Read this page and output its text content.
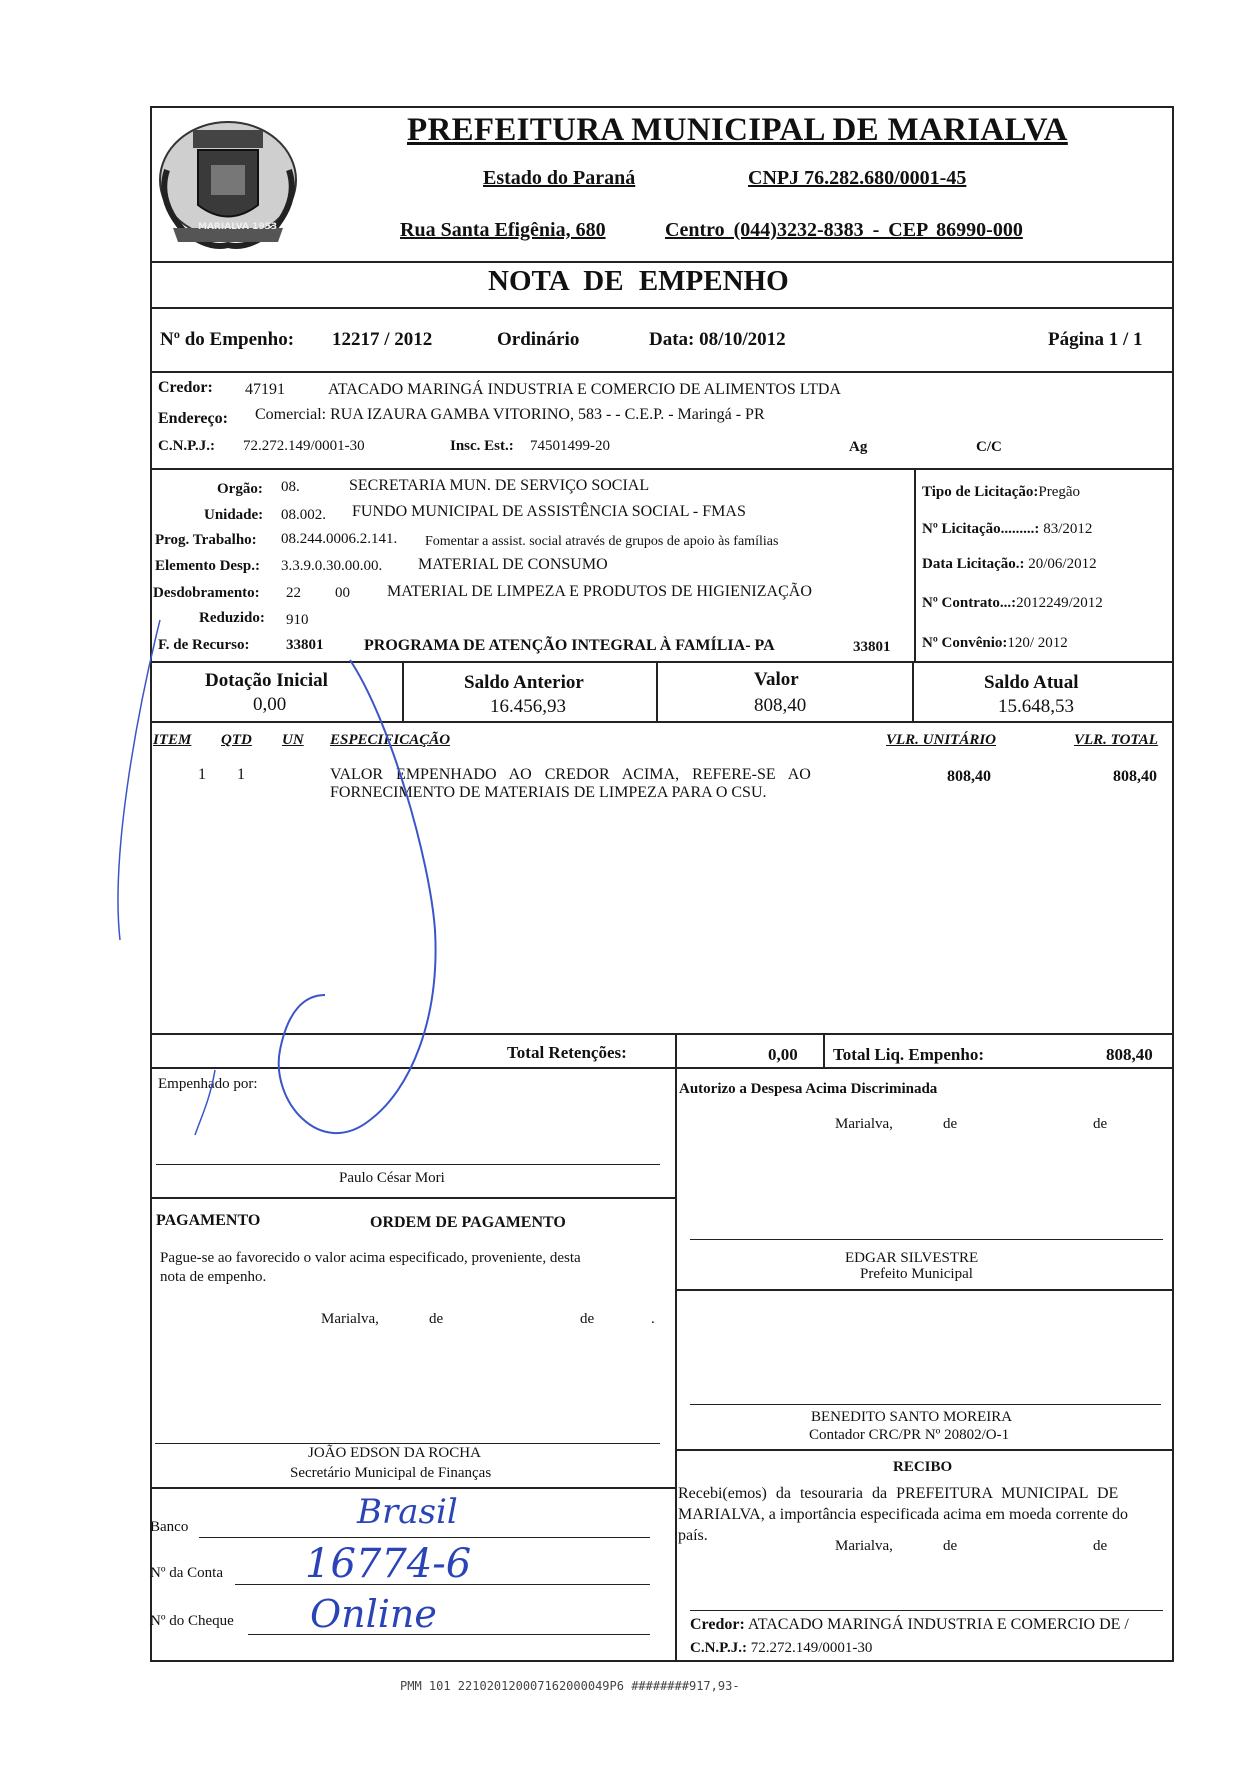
MARIALVA 1953
PREFEITURA MUNICIPAL DE MARIALVA
Estado do Paraná	CNPJ 76.282.680/0001-45
Rua Santa Efigênia, 680	Centro (044)3232-8383 - CEP 86990-000
NOTA DE EMPENHO
Nº do Empenho: 12217 / 2012	Ordinário	Data: 08/10/2012	Página 1 / 1
Credor: 47191	ATACADO MARINGÁ INDUSTRIA E COMERCIO DE ALIMENTOS LTDA
Endereço: Comercial: RUA IZAURA GAMBA VITORINO, 583 - - C.E.P. - Maringá - PR
C.N.P.J.: 72.272.149/0001-30	Insc. Est.: 74501499-20	Ag	C/C
Orgão: 08.	SECRETARIA MUN. DE SERVIÇO SOCIAL
Unidade: 08.002. FUNDO MUNICIPAL DE ASSISTÊNCIA SOCIAL - FMAS
Prog. Trabalho: 08.244.0006.2.141. Fomentar a assist. social através de grupos de apoio às famílias
Elemento Desp.: 3.3.9.0.30.00.00. MATERIAL DE CONSUMO
Desdobramento: 22 00 MATERIAL DE LIMPEZA E PRODUTOS DE HIGIENIZAÇÃO
Reduzido: 910
F. de Recurso: 33801	PROGRAMA DE ATENÇÃO INTEGRAL À FAMÍLIA- PA	33801
Tipo de Licitação:Pregão
Nº Licitação.........: 83/2012
Data Licitação.: 20/06/2012
Nº Contrato...:2012249/2012
Nº Convênio:120/ 2012
Dotação Inicial
0,00
Saldo Anterior
16.456,93
Valor
808,40
Saldo Atual
15.648,53
ITEM QTD UN ESPECIFICAÇÃO	VLR. UNITÁRIO	VLR. TOTAL
1 1	VALOR EMPENHADO AO CREDOR ACIMA, REFERE-SE AO
FORNECIMENTO DE MATERIAIS DE LIMPEZA PARA O CSU.
808,40	808,40
Total Retenções:	0,00 Total Liq. Empenho:	808,40
Empenhado por:
Paulo César Mori
PAGAMENTO	ORDEM DE PAGAMENTO
Pague-se ao favorecido o valor acima especificado, proveniente, desta
nota de empenho.
Marialva,	de	de	.
JOÃO EDSON DA ROCHA
Secretário Municipal de Finanças
Banco	Brasil
Nº da Conta 16774-6
Nº do Cheque Online
Autorizo a Despesa Acima Discriminada
Marialva,	de	de
EDGAR SILVESTRE
Prefeito Municipal
BENEDITO SANTO MOREIRA
Contador CRC/PR Nº 20802/O-1
RECIBO
Recebi(emos) da tesouraria da PREFEITURA MUNICIPAL DE
MARIALVA, a importância especificada acima em moeda corrente do
país.
Marialva,	de	de
Credor: ATACADO MARINGÁ INDUSTRIA E COMERCIO DE /
C.N.P.J.: 72.272.149/0001-30
PMM 101 221020120007162000049P6 ########917,93-
